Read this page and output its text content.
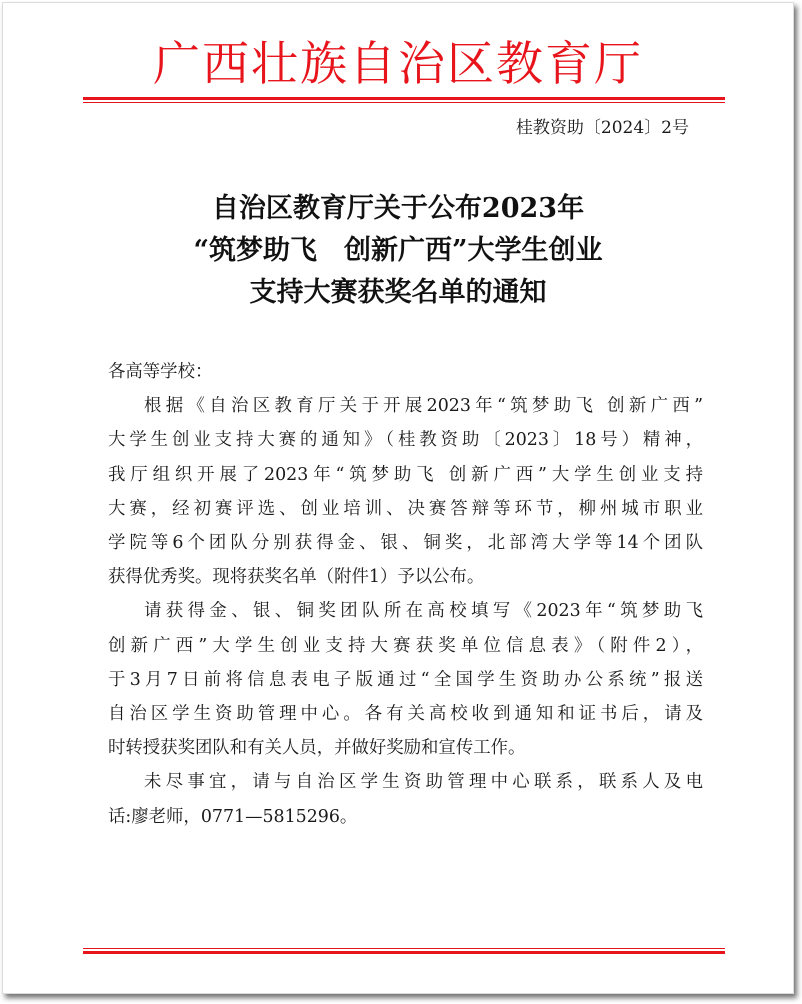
广西壮族自治区教育厅
桂教资助〔2024〕2号
自治区教育厅关于公布2023年
“筑梦助飞　创新广西”大学生创业
支持大赛获奖名单的通知
各高等学校：
根据《自治区教育厅关于开展2023年“筑梦助飞 创新广西”
大学生创业支持大赛的通知》（桂教资助〔2023〕18号）精神，
我厅组织开展了2023年“筑梦助飞 创新广西”大学生创业支持
大赛，经初赛评选、创业培训、决赛答辩等环节，柳州城市职业
学院等6个团队分别获得金、银、铜奖，北部湾大学等14个团队
获得优秀奖。现将获奖名单（附件1）予以公布。
请获得金、银、铜奖团队所在高校填写《2023年“筑梦助飞
创新广西”大学生创业支持大赛获奖单位信息表》（附件2），
于3月7日前将信息表电子版通过“全国学生资助办公系统”报送
自治区学生资助管理中心。各有关高校收到通知和证书后，请及
时转授获奖团队和有关人员，并做好奖励和宣传工作。
未尽事宜，请与自治区学生资助管理中心联系，联系人及电
话:廖老师，0771—5815296。
